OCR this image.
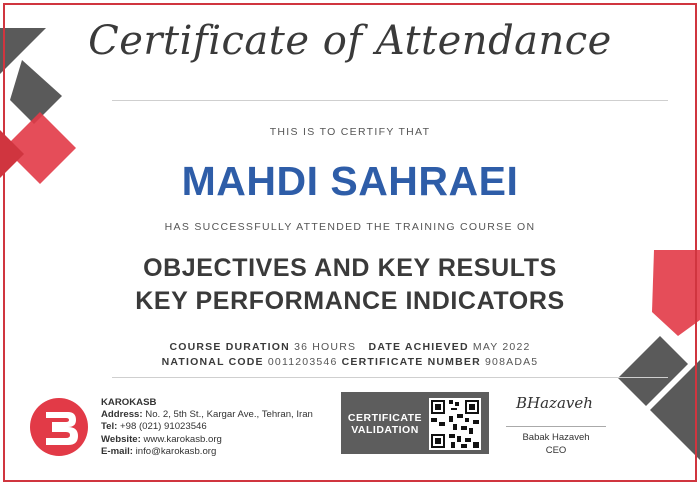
Certificate of Attendance
THIS IS TO CERTIFY THAT
MAHDI SAHRAEI
HAS SUCCESSFULLY ATTENDED THE TRAINING COURSE ON
OBJECTIVES AND KEY RESULTS
KEY PERFORMANCE INDICATORS
COURSE DURATION 36 HOURS DATE ACHIEVED MAY 2022
NATIONAL CODE 0011203546 CERTIFICATE NUMBER 908ADA5
KAROKASB
Address: No. 2, 5th St., Kargar Ave., Tehran, Iran
Tel: +98 (021) 91023546
Website: www.karokasb.org
E-mail: info@karokasb.org
CERTIFICATE
VALIDATION
BHazaveh
Babak Hazaveh
CEO
